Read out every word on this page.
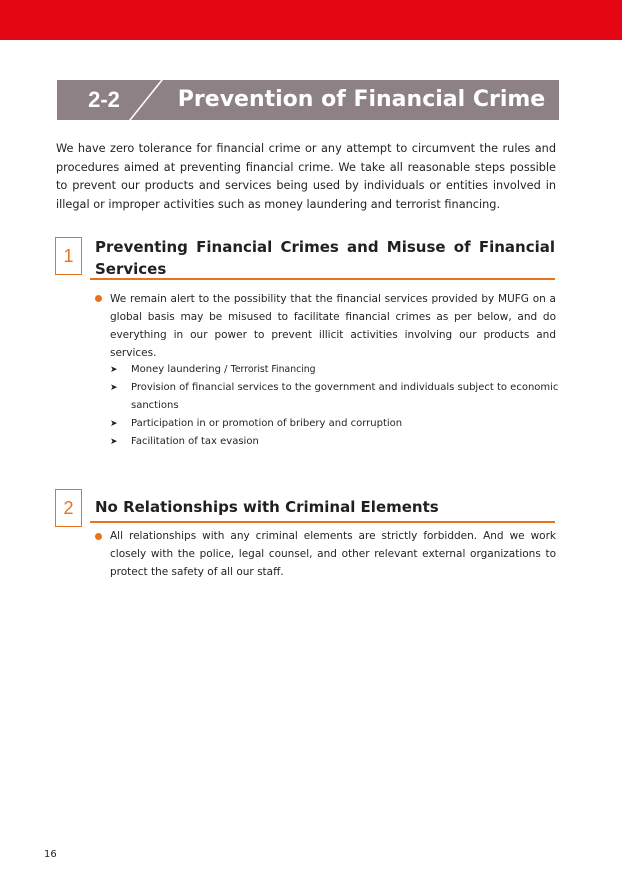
2-2	Prevention of Financial Crime

We have zero tolerance for financial crime or any attempt to circumvent the rules and procedures aimed at preventing financial crime. We take all reasonable steps possible to prevent our products and services being used by individuals or entities involved in illegal or improper activities such as money laundering and terrorist financing.

1	Preventing Financial Crimes and Misuse of Financial Services

We remain alert to the possibility that the financial services provided by MUFG on a global basis may be misused to facilitate financial crimes as per below, and do everything in our power to prevent illicit activities involving our products and services.

➤ Money laundering / Terrorist Financing
➤ Provision of financial services to the government and individuals subject to economic sanctions
➤ Participation in or promotion of bribery and corruption
➤ Facilitation of tax evasion
2	No Relationships with Criminal Elements

All relationships with any criminal elements are strictly forbidden. And we work closely with the police, legal counsel, and other relevant external organizations to protect the safety of all our staff.

16
